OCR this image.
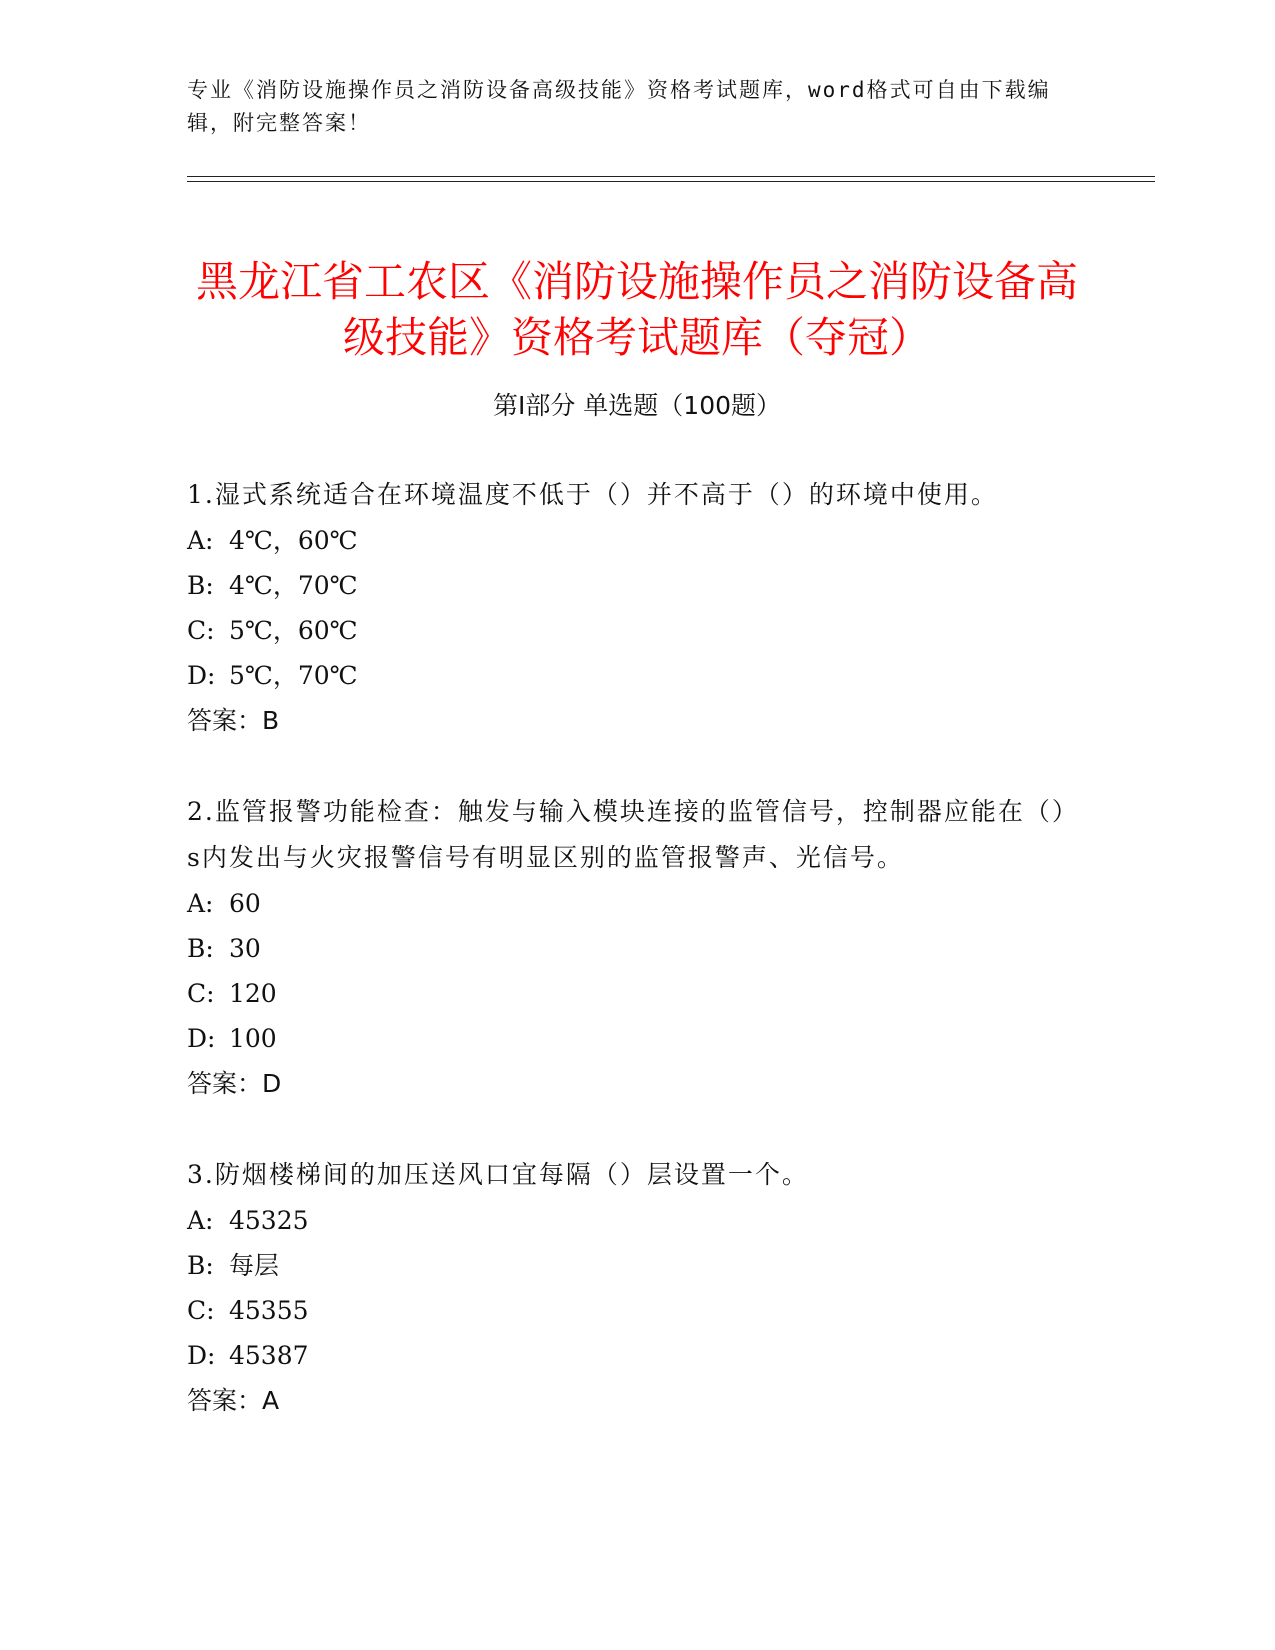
专业《消防设施操作员之消防设备高级技能》资格考试题库，word格式可自由下载编辑，附完整答案！
黑龙江省工农区《消防设施操作员之消防设备高级技能》资格考试题库（夺冠）
第Ⅰ部分 单选题（100题）

1.湿式系统适合在环境温度不低于（）并不高于（）的环境中使用。

A: 4℃，60℃

B: 4℃，70℃

C: 5℃，60℃

D: 5℃，70℃

答案：B

2.监管报警功能检查：触发与输入模块连接的监管信号，控制器应能在（）s内发出与火灾报警信号有明显区别的监管报警声、光信号。

A: 60

B: 30

C: 120

D: 100

答案：D

3.防烟楼梯间的加压送风口宜每隔（）层设置一个。

A: 45325

B: 每层

C: 45355

D: 45387

答案：A
